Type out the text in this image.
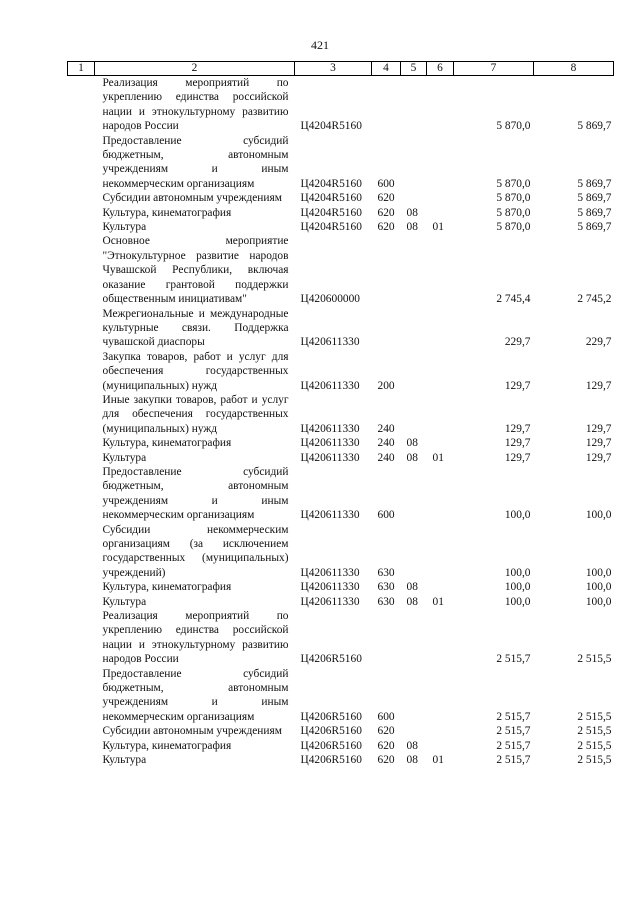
421
1	2	3	4	5	6	7	8
	Реализация мероприятий по укреплению единства российской нации и этнокультурному развитию народов России	Ц4204R5160				5 870,0	5 869,7
	Предоставление субсидий бюджетным, автономным учреждениям и иным некоммерческим организациям	Ц4204R5160	600			5 870,0	5 869,7
	Субсидии автономным учреждениям	Ц4204R5160	620			5 870,0	5 869,7
	Культура, кинематография	Ц4204R5160	620	08		5 870,0	5 869,7
	Культура	Ц4204R5160	620	08	01	5 870,0	5 869,7
	Основное мероприятие "Этнокультурное развитие народов Чувашской Республики, включая оказание грантовой поддержки общественным инициативам"	Ц420600000				2 745,4	2 745,2
	Межрегиональные и международные культурные связи. Поддержка чувашской диаспоры	Ц420611330				229,7	229,7
	Закупка товаров, работ и услуг для обеспечения государственных (муниципальных) нужд	Ц420611330	200			129,7	129,7
	Иные закупки товаров, работ и услуг для обеспечения государственных (муниципальных) нужд	Ц420611330	240			129,7	129,7
	Культура, кинематография	Ц420611330	240	08		129,7	129,7
	Культура	Ц420611330	240	08	01	129,7	129,7
	Предоставление субсидий бюджетным, автономным учреждениям и иным некоммерческим организациям	Ц420611330	600			100,0	100,0
	Субсидии некоммерческим организациям (за исключением государственных (муниципальных) учреждений)	Ц420611330	630			100,0	100,0
	Культура, кинематография	Ц420611330	630	08		100,0	100,0
	Культура	Ц420611330	630	08	01	100,0	100,0
	Реализация мероприятий по укреплению единства российской нации и этнокультурному развитию народов России	Ц4206R5160				2 515,7	2 515,5
	Предоставление субсидий бюджетным, автономным учреждениям и иным некоммерческим организациям	Ц4206R5160	600			2 515,7	2 515,5
	Субсидии автономным учреждениям	Ц4206R5160	620			2 515,7	2 515,5
	Культура, кинематография	Ц4206R5160	620	08		2 515,7	2 515,5
	Культура	Ц4206R5160	620	08	01	2 515,7	2 515,5
